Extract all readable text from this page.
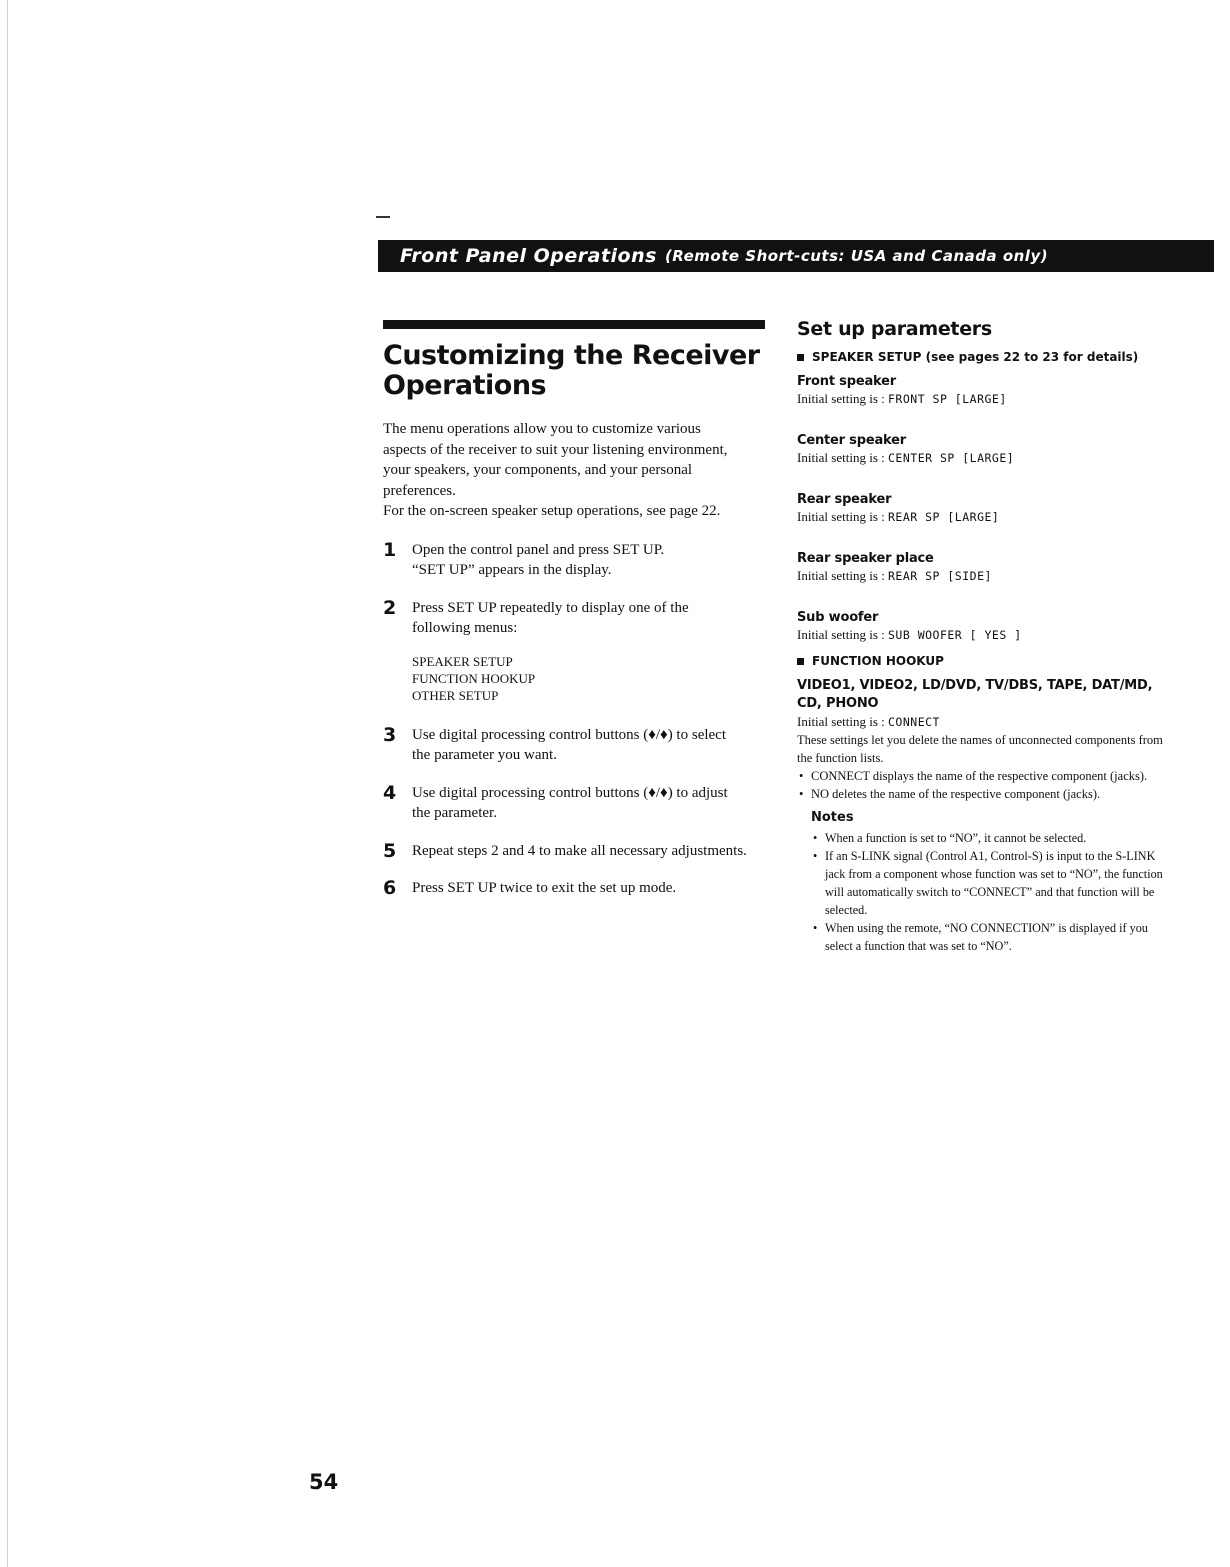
Front Panel Operations (Remote Short-cuts: USA and Canada only)
Customizing the Receiver
Operations
The menu operations allow you to customize various aspects of the receiver to suit your listening environment, your speakers, your components, and your personal preferences.
For the on-screen speaker setup operations, see page 22.
1	Open the control panel and press SET UP.
“SET UP” appears in the display.
2	Press SET UP repeatedly to display one of the following menus:
SPEAKER SETUP
FUNCTION HOOKUP
OTHER SETUP
3	Use digital processing control buttons (♦/♦) to select the parameter you want.
4	Use digital processing control buttons (♦/♦) to adjust the parameter.
5	Repeat steps 2 and 4 to make all necessary adjustments.
6	Press SET UP twice to exit the set up mode.
Set up parameters
SPEAKER SETUP (see pages 22 to 23 for details)
Front speaker
Initial setting is : FRONT SP [LARGE]
Center speaker
Initial setting is : CENTER SP [LARGE]
Rear speaker
Initial setting is : REAR SP [LARGE]
Rear speaker place
Initial setting is : REAR SP [SIDE]
Sub woofer
Initial setting is : SUB WOOFER [ YES ]
FUNCTION HOOKUP
VIDEO1, VIDEO2, LD/DVD, TV/DBS, TAPE, DAT/MD, CD, PHONO
Initial setting is : CONNECT
These settings let you delete the names of unconnected components from the function lists.
• CONNECT displays the name of the respective component (jacks).
• NO deletes the name of the respective component (jacks).
Notes
• When a function is set to “NO”, it cannot be selected.
• If an S-LINK signal (Control A1, Control-S) is input to the S-LINK jack from a component whose function was set to “NO”, the function will automatically switch to “CONNECT” and that function will be selected.
• When using the remote, “NO CONNECTION” is displayed if you select a function that was set to “NO”.
54
